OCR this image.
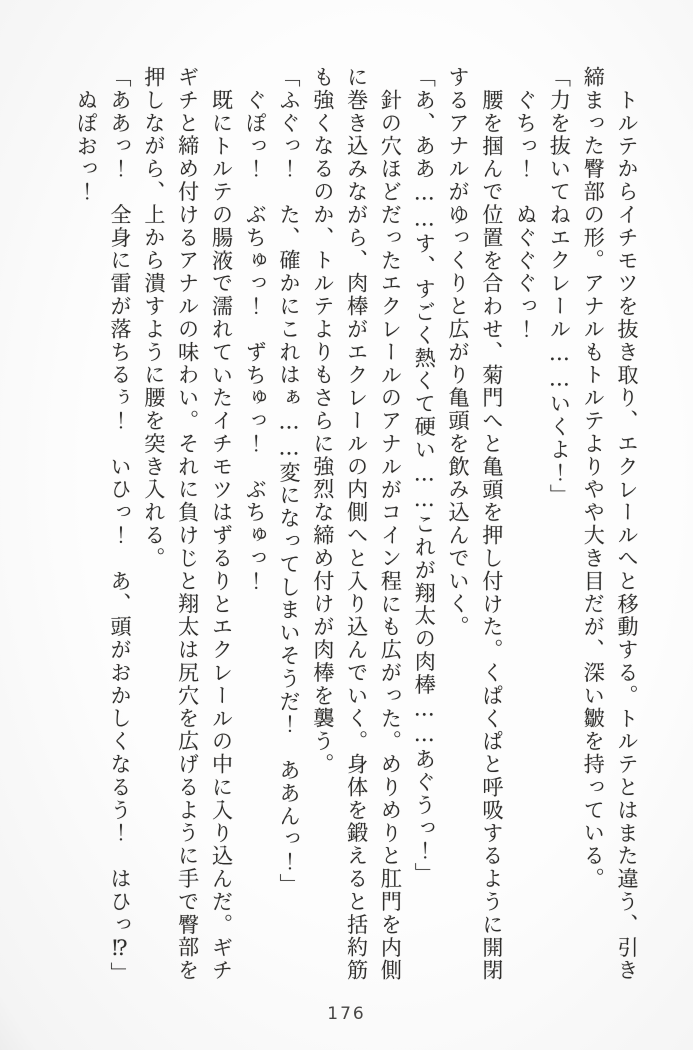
トルテからイチモツを抜き取り、エクレールへと移動する。トルテとはまた違う、引き締まった臀部の形。アナルもトルテよりやや大き目だが、深い皺を持っている。

「力を抜いてねエクレール……いくよ！」

ぐちっ！　ぬぐぐぐっ！

腰を掴んで位置を合わせ、菊門へと亀頭を押し付けた。くぱくぱと呼吸するように開閉するアナルがゆっくりと広がり亀頭を飲み込んでいく。

「あ、ああ……す、すごく熱くて硬い……これが翔太の肉棒……あぐうっ！」

針の穴ほどだったエクレールのアナルがコイン程にも広がった。めりめりと肛門を内側に巻き込みながら、肉棒がエクレールの内側へと入り込んでいく。身体を鍛えると括約筋も強くなるのか、トルテよりもさらに強烈な締め付けが肉棒を襲う。

「ふぐっ！　た、確かにこれはぁ……変になってしまいそうだ！　ああんっ！」

ぐぽっ！　ぶちゅっ！　ずちゅっ！　ぶちゅっ！

既にトルテの腸液で濡れていたイチモツはずるりとエクレールの中に入り込んだ。ギチギチと締め付けるアナルの味わい。それに負けじと翔太は尻穴を広げるように手で臀部を押しながら、上から潰すように腰を突き入れる。

「ああっ！　全身に雷が落ちるぅ！　いひっ！　あ、頭がおかしくなるう！　はひっ⁉」

ぬぽおっ！

176
